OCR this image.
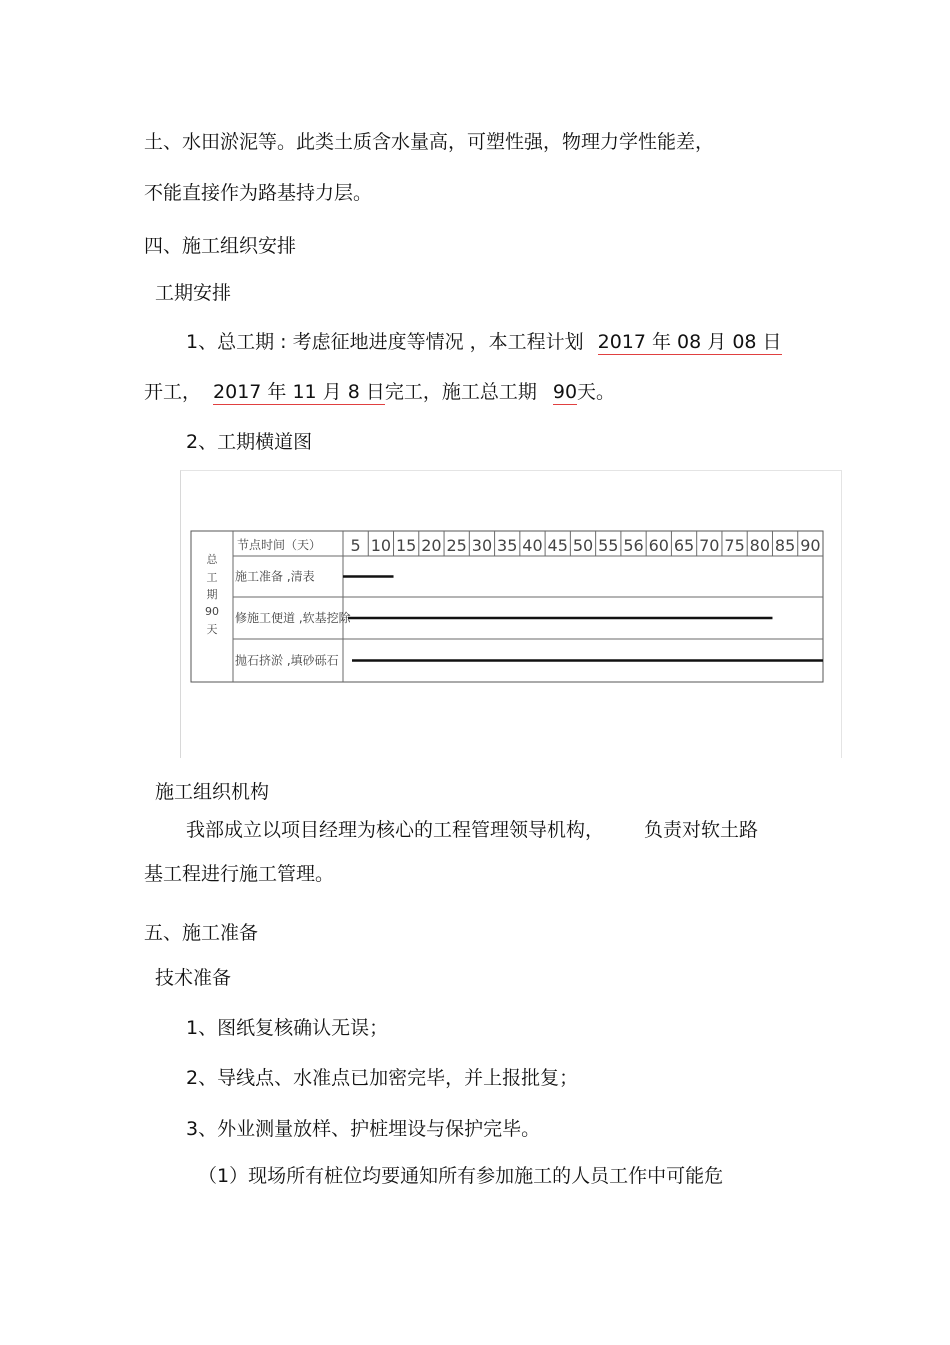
土、水田淤泥等。此类土质含水量高，可塑性强，物理力学性能差，
不能直接作为路基持力层。
四、施工组织安排
工期安排
1、总工期 : 考虑征地进度等情况 ，本工程计划 2017 年 08 月 08 日
开工， 2017 年 11 月 8 日完工，施工总工期 90天。
2、工期横道图
总
工
期
90
天
节点时间（天） 5 10 15 20 25 30 35 40 45 50 55 56 60 65 70 75 80 85 90
施工准备 ,清表
修施工便道 ,软基挖除
抛石挤淤 ,填砂砾石
施工组织机构
我部成立以项目经理为核心的工程管理领导机构， 负责对软土路
基工程进行施工管理。
五、施工准备
技术准备
1、图纸复核确认无误；
2、导线点、水准点已加密完毕，并上报批复；
3、外业测量放样、护桩埋设与保护完毕。
（1）现场所有桩位均要通知所有参加施工的人员工作中可能危
